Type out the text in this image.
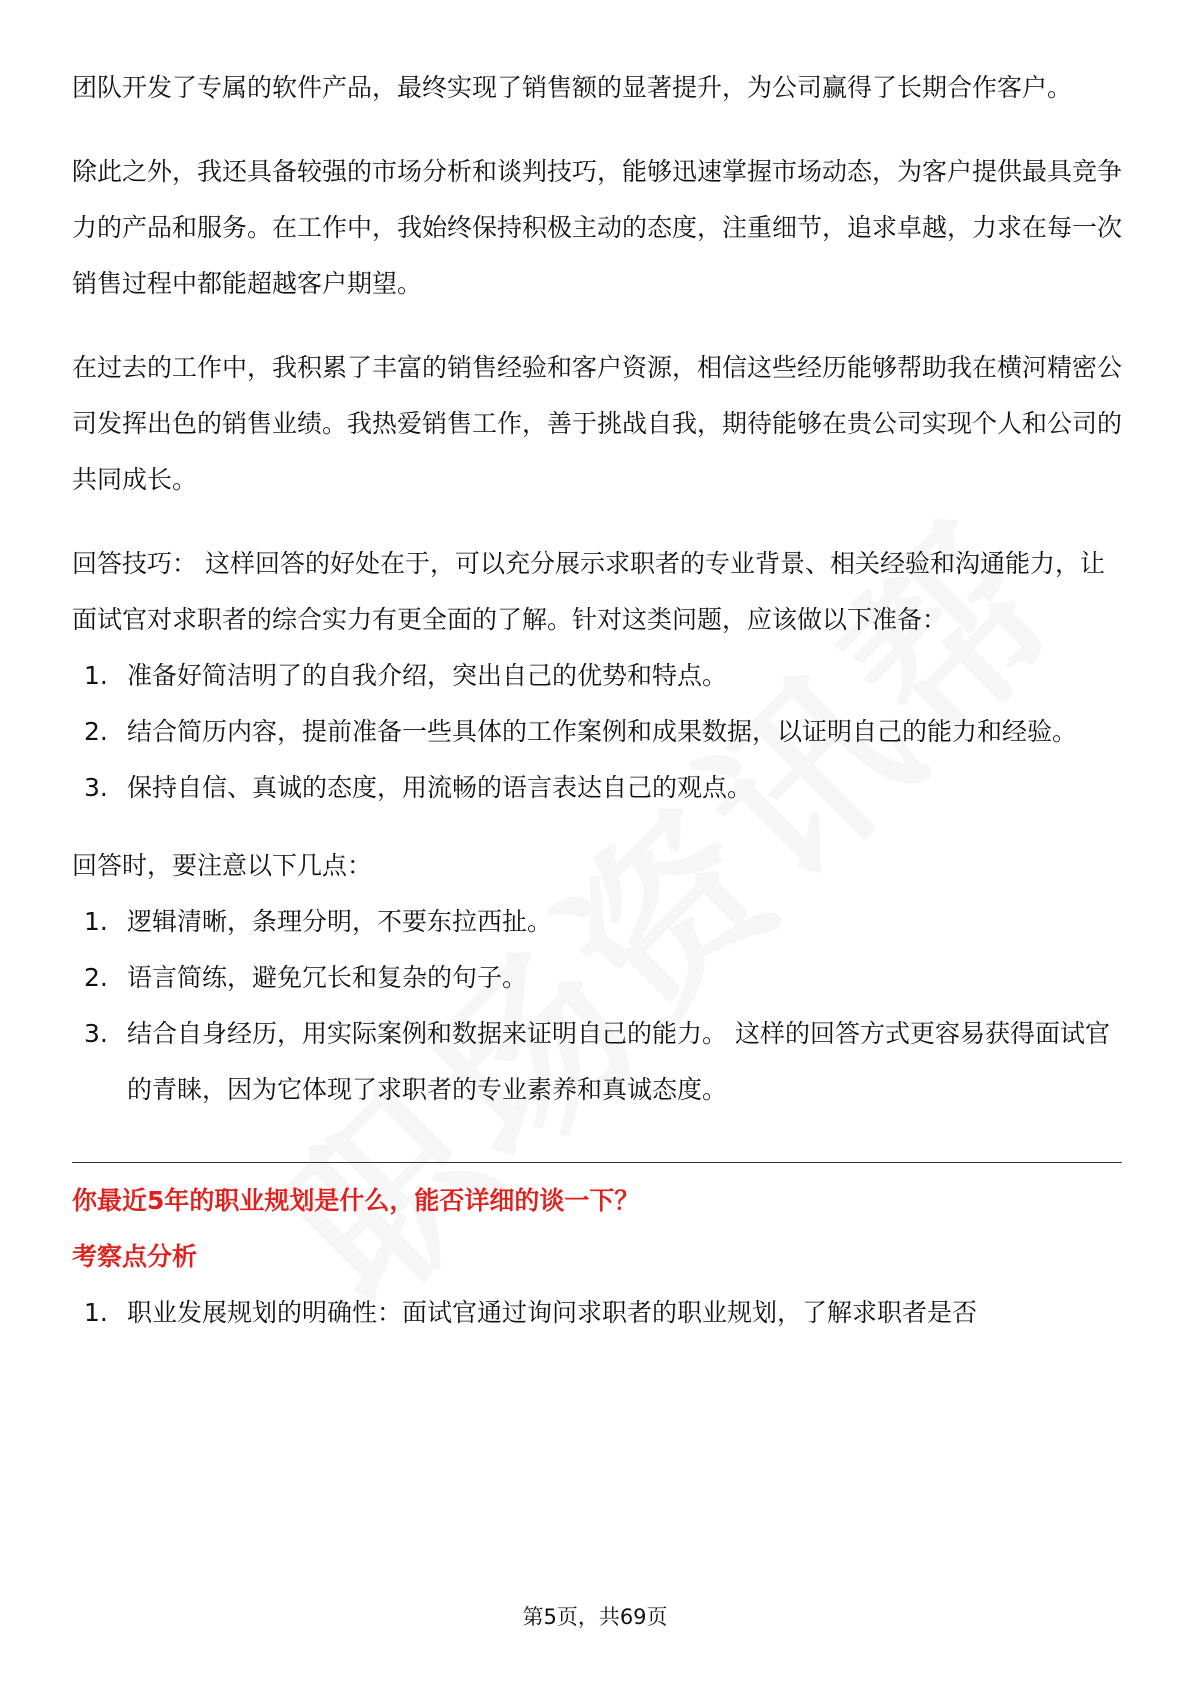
团队开发了专属的软件产品，最终实现了销售额的显著提升，为公司赢得了长期合作客户。

除此之外，我还具备较强的市场分析和谈判技巧，能够迅速掌握市场动态，为客户提供最具竞争力的产品和服务。在工作中，我始终保持积极主动的态度，注重细节，追求卓越，力求在每一次销售过程中都能超越客户期望。

在过去的工作中，我积累了丰富的销售经验和客户资源，相信这些经历能够帮助我在横河精密公司发挥出色的销售业绩。我热爱销售工作，善于挑战自我，期待能够在贵公司实现个人和公司的共同成长。

回答技巧： 这样回答的好处在于，可以充分展示求职者的专业背景、相关经验和沟通能力，让面试官对求职者的综合实力有更全面的了解。针对这类问题，应该做以下准备：

1. 准备好简洁明了的自我介绍，突出自己的优势和特点。
2. 结合简历内容，提前准备一些具体的工作案例和成果数据，以证明自己的能力和经验。
3. 保持自信、真诚的态度，用流畅的语言表达自己的观点。

回答时，要注意以下几点：

1. 逻辑清晰，条理分明，不要东拉西扯。
2. 语言简练，避免冗长和复杂的句子。
3. 结合自身经历，用实际案例和数据来证明自己的能力。 这样的回答方式更容易获得面试官的青睐，因为它体现了求职者的专业素养和真诚态度。
你最近5年的职业规划是什么，能否详细的谈一下？
考察点分析
1. 职业发展规划的明确性：面试官通过询问求职者的职业规划，了解求职者是否
第5页，共69页
